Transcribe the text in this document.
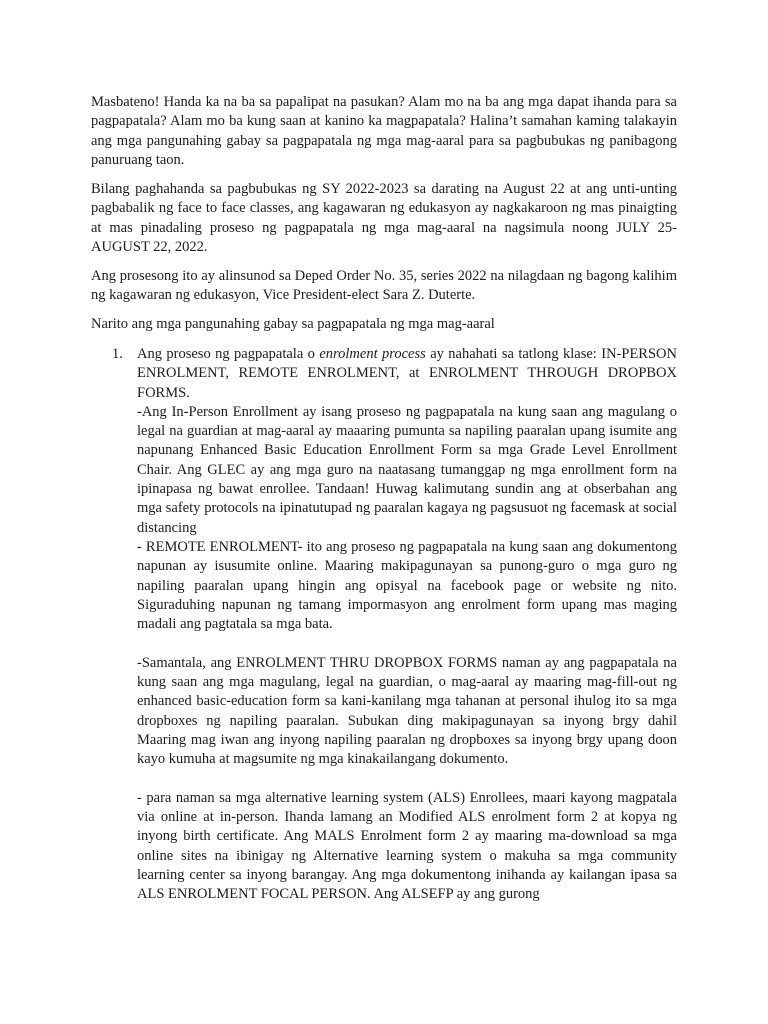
Masbateno! Handa ka na ba sa papalipat na pasukan? Alam mo na ba ang mga dapat ihanda para sa pagpapatala? Alam mo ba kung saan at kanino ka magpapatala? Halina’t samahan kaming talakayin ang mga pangunahing gabay sa pagpapatala ng mga mag-aaral para sa pagbubukas ng panibagong panuruang taon.

Bilang paghahanda sa pagbubukas ng SY 2022-2023 sa darating na August 22 at ang unti-unting pagbabalik ng face to face classes, ang kagawaran ng edukasyon ay nagkakaroon ng mas pinaigting at mas pinadaling proseso ng pagpapatala ng mga mag-aaral na nagsimula noong JULY 25- AUGUST 22, 2022.

Ang prosesong ito ay alinsunod sa Deped Order No. 35, series 2022 na nilagdaan ng bagong kalihim ng kagawaran ng edukasyon, Vice President-elect Sara Z. Duterte.

Narito ang mga pangunahing gabay sa pagpapatala ng mga mag-aaral

1. Ang proseso ng pagpapatala o enrolment process ay nahahati sa tatlong klase: IN-PERSON ENROLMENT, REMOTE ENROLMENT, at ENROLMENT THROUGH DROPBOX FORMS.

-Ang In-Person Enrollment ay isang proseso ng pagpapatala na kung saan ang magulang o legal na guardian at mag-aaral ay maaaring pumunta sa napiling paaralan upang isumite ang napunang Enhanced Basic Education Enrollment Form sa mga Grade Level Enrollment Chair. Ang GLEC ay ang mga guro na naatasang tumanggap ng mga enrollment form na ipinapasa ng bawat enrollee. Tandaan! Huwag kalimutang sundin ang at obserbahan ang mga safety protocols na ipinatutupad ng paaralan kagaya ng pagsusuot ng facemask at social distancing

- REMOTE ENROLMENT- ito ang proseso ng pagpapatala na kung saan ang dokumentong napunan ay isusumite online. Maaring makipagunayan sa punong-guro o mga guro ng napiling paaralan upang hingin ang opisyal na facebook page or website ng nito. Siguraduhing napunan ng tamang impormasyon ang enrolment form upang mas maging madali ang pagtatala sa mga bata.

-Samantala, ang ENROLMENT THRU DROPBOX FORMS naman ay ang pagpapatala na kung saan ang mga magulang, legal na guardian, o mag-aaral ay maaring mag-fill-out ng enhanced basic-education form sa kani-kanilang mga tahanan at personal ihulog ito sa mga dropboxes ng napiling paaralan. Subukan ding makipagunayan sa inyong brgy dahil Maaring mag iwan ang inyong napiling paaralan ng dropboxes sa inyong brgy upang doon kayo kumuha at magsumite ng mga kinakailangang dokumento.

- para naman sa mga alternative learning system (ALS) Enrollees, maari kayong magpatala via online at in-person. Ihanda lamang an Modified ALS enrolment form 2 at kopya ng inyong birth certificate. Ang MALS Enrolment form 2 ay maaring ma-download sa mga online sites na ibinigay ng Alternative learning system o makuha sa mga community learning center sa inyong barangay. Ang mga dokumentong inihanda ay kailangan ipasa sa ALS ENROLMENT FOCAL PERSON. Ang ALSEFP ay ang gurong
